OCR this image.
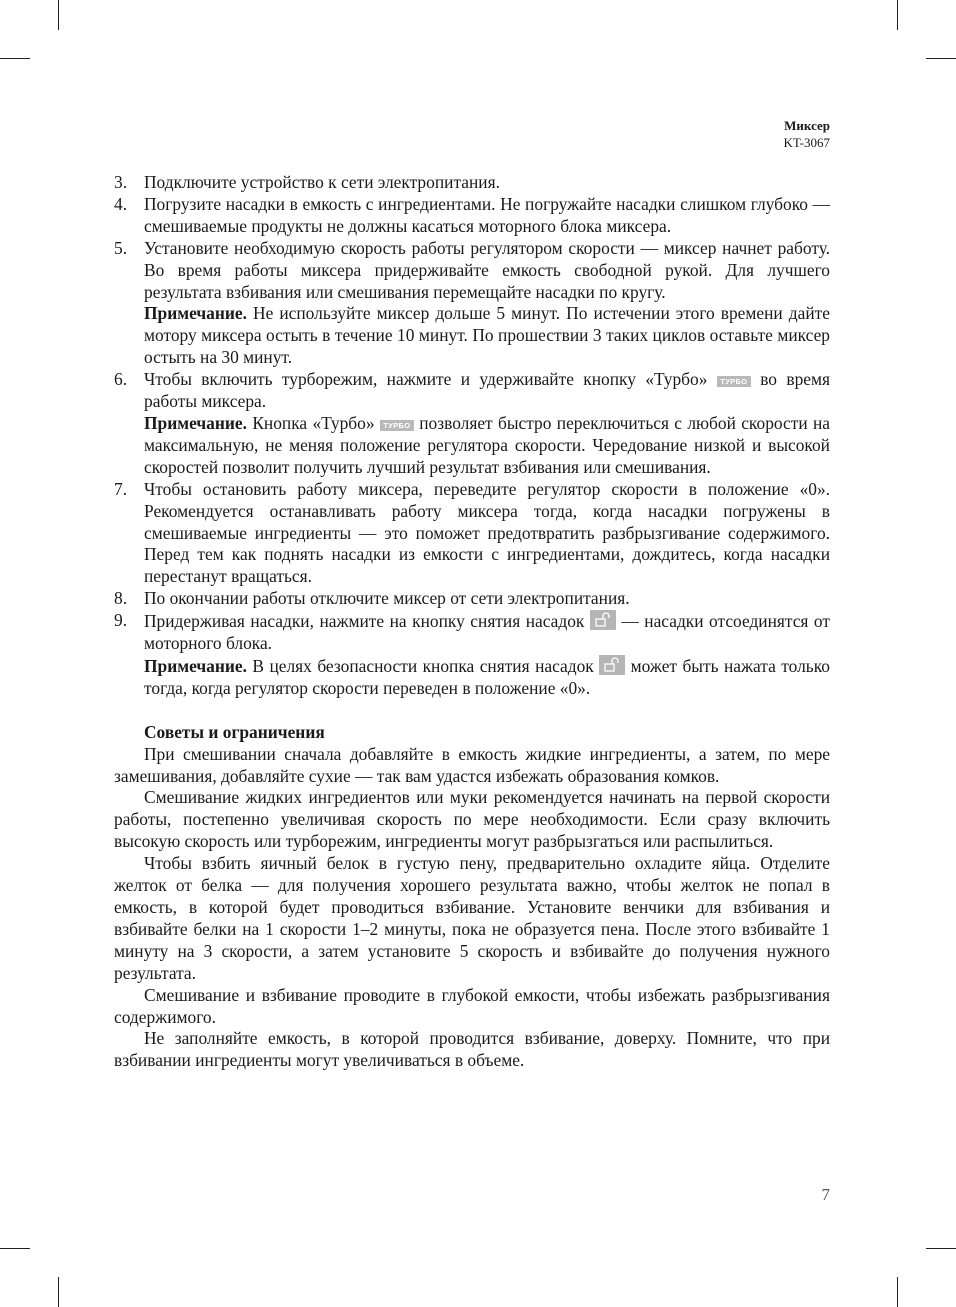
Миксер
KT-3067
3. Подключите устройство к сети электропитания.
4. Погрузите насадки в емкость с ингредиентами. Не погружайте насадки слишком глубоко — смешиваемые продукты не должны касаться моторного блока миксера.
5. Установите необходимую скорость работы регулятором скорости — миксер начнет работу. Во время работы миксера придерживайте емкость свободной рукой. Для лучшего результата взбивания или смешивания перемещайте насадки по кругу.
Примечание. Не используйте миксер дольше 5 минут. По истечении этого времени дайте мотору миксера остыть в течение 10 минут. По прошествии 3 таких циклов оставьте миксер остыть на 30 минут.
6. Чтобы включить турборежим, нажмите и удерживайте кнопку «Турбо» ТУРБО во время работы миксера.
Примечание. Кнопка «Турбо» ТУРБО позволяет быстро переключиться с любой скорости на максимальную, не меняя положение регулятора скорости. Чередование низкой и высокой скоростей позволит получить лучший результат взбивания или смешивания.
7. Чтобы остановить работу миксера, переведите регулятор скорости в положение «0». Рекомендуется останавливать работу миксера тогда, когда насадки погружены в смешиваемые ингредиенты — это поможет предотвратить разбрызгивание содержимого. Перед тем как поднять насадки из емкости с ингредиентами, дождитесь, когда насадки перестанут вращаться.
8. По окончании работы отключите миксер от сети электропитания.
9. Придерживая насадки, нажмите на кнопку снятия насадок — насадки отсоединятся от моторного блока.
Примечание. В целях безопасности кнопка снятия насадок может быть нажата только тогда, когда регулятор скорости переведен в положение «0».
Советы и ограничения
При смешивании сначала добавляйте в емкость жидкие ингредиенты, а затем, по мере замешивания, добавляйте сухие — так вам удастся избежать образования комков.
Смешивание жидких ингредиентов или муки рекомендуется начинать на первой скорости работы, постепенно увеличивая скорость по мере необходимости. Если сразу включить высокую скорость или турборежим, ингредиенты могут разбрызгаться или распылиться.
Чтобы взбить яичный белок в густую пену, предварительно охладите яйца. Отделите желток от белка — для получения хорошего результата важно, чтобы желток не попал в емкость, в которой будет проводиться взбивание. Установите венчики для взбивания и взбивайте белки на 1 скорости 1–2 минуты, пока не образуется пена. После этого взбивайте 1 минуту на 3 скорости, а затем установите 5 скорость и взбивайте до получения нужного результата.
Смешивание и взбивание проводите в глубокой емкости, чтобы избежать разбрызгивания содержимого.
Не заполняйте емкость, в которой проводится взбивание, доверху. Помните, что при взбивании ингредиенты могут увеличиваться в объеме.
7
